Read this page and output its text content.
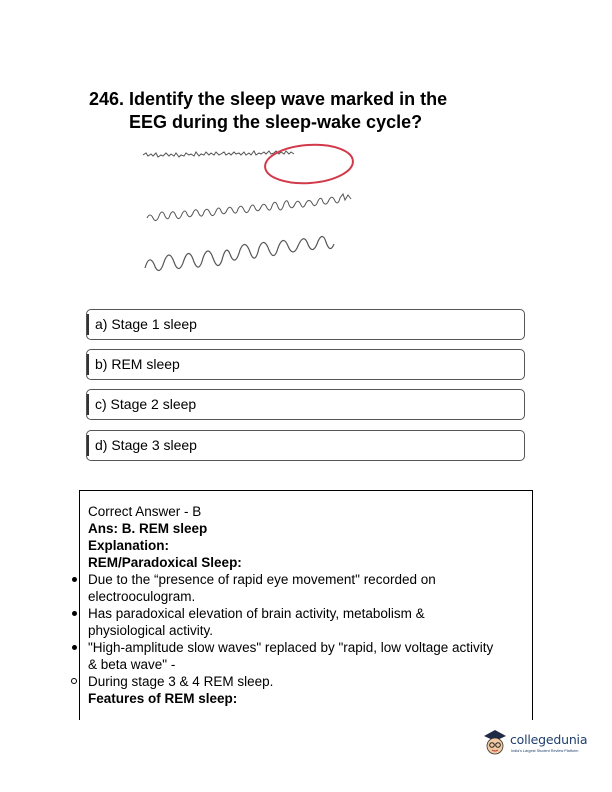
246. Identify the sleep wave marked in the
EEG during the sleep-wake cycle?
a) Stage 1 sleep
b) REM sleep
c) Stage 2 sleep
d) Stage 3 sleep
Correct Answer - B
Ans: B. REM sleep
Explanation:
REM/Paradoxical Sleep:
Due to the “presence of rapid eye movement" recorded on
electrooculogram.
Has paradoxical elevation of brain activity, metabolism &
physiological activity.
"High-amplitude slow waves" replaced by "rapid, low voltage activity
& beta wave" -
During stage 3 & 4 REM sleep.
Features of REM sleep:
collegedunia
India's Largest Student Review Platform
